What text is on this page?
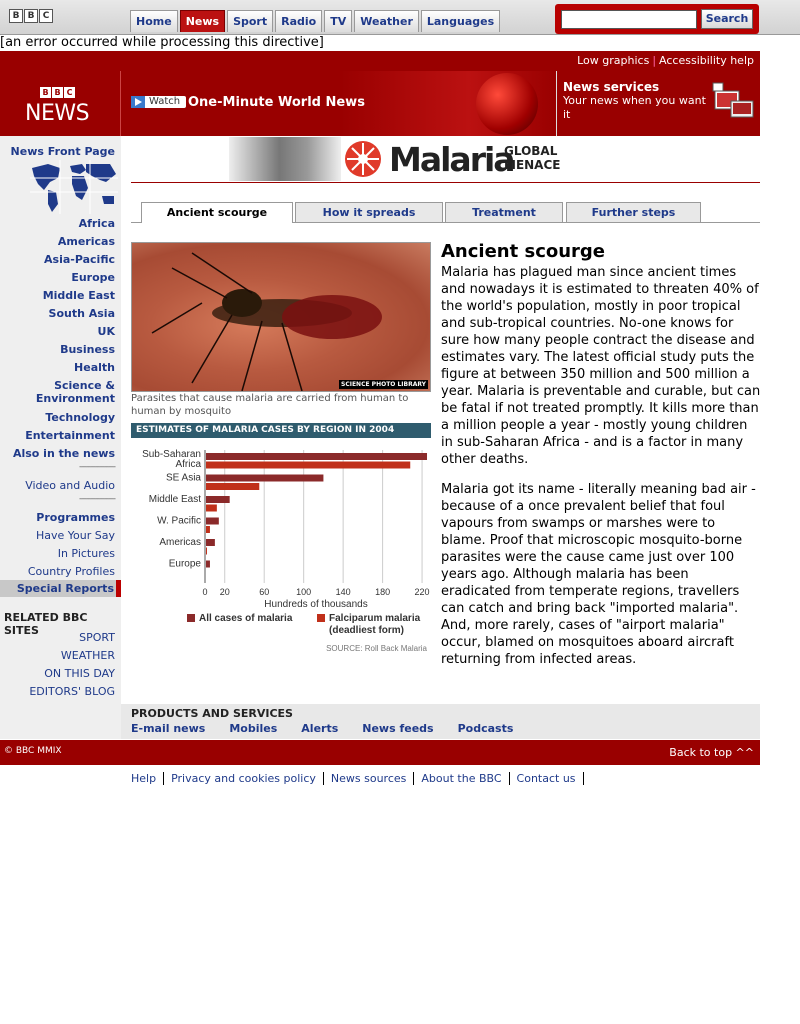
B B C	Home	News	Sport	Radio	TV	Weather	Languages	Search
[an error occurred while processing this directive]
Low graphics | Accessibility help
B B C
NEWS	Watch One-Minute World News
News services
Your news when you want it
News Front Page
Africa
Americas
Asia-Pacific
Europe
Middle East
South Asia
UK
Business
Health
Science & Environment
Technology
Entertainment
Also in the news
----------------
Video and Audio
----------------
Programmes
Have Your Say
In Pictures
Country Profiles
Special Reports
RELATED BBC SITES
SPORT
WEATHER
ON THIS DAY
EDITORS' BLOG
Malaria
GLOBAL MENACE
Ancient scourge	How it spreads	Treatment	Further steps
SCIENCE PHOTO LIBRARY
Parasites that cause malaria are carried from human to human by mosquito
ESTIMATES OF MALARIA CASES BY REGION IN 2004
0 20	60	100	140	180	220
Sub-Saharan
Africa
SE Asia
Middle East
W. Pacific
Americas
Europe
Hundreds of thousands
All cases of malaria	Falciparum malaria
(deadliest form)
SOURCE: Roll Back Malaria
Ancient scourge
Malaria has plagued man since ancient times and nowadays it is estimated to threaten 40% of the world's population, mostly in poor tropical and sub-tropical countries. No-one knows for sure how many people contract the disease and estimates vary. The latest official study puts the figure at between 350 million and 500 million a year. Malaria is preventable and curable, but can be fatal if not treated promptly. It kills more than a million people a year - mostly young children in sub-Saharan Africa - and is a factor in many other deaths.
Malaria got its name - literally meaning bad air - because of a once prevalent belief that foul vapours from swamps or marshes were to blame. Proof that microscopic mosquito-borne parasites were the cause came just over 100 years ago. Although malaria has been eradicated from temperate regions, travellers can catch and bring back "imported malaria". And, more rarely, cases of "airport malaria" occur, blamed on mosquitoes aboard aircraft returning from infected areas.
PRODUCTS AND SERVICES
E-mail news Mobiles Alerts News feeds Podcasts
© BBC MMIX	Back to top ^^
Help	Privacy and cookies policy	News sources	About the BBC	Contact us
